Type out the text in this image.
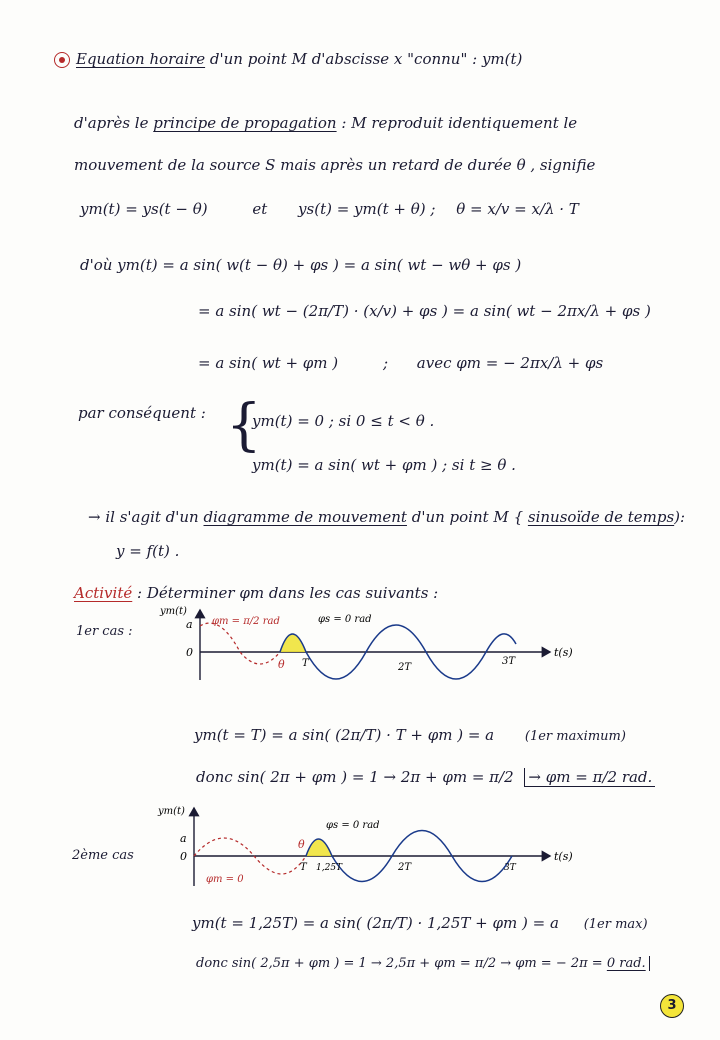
Equation horaire d'un point M d'abscisse x "connu" : ym(t)
d'après le principe de propagation : M reproduit identiquement le
mouvement de la source S mais après un retard de durée θ , signifie
ym(t) = ys(t − θ)	et ys(t) = ym(t + θ) ; θ = x/v = x/λ · T
d'où ym(t) = a sin( w(t − θ) + φs ) = a sin( wt − wθ + φs )
= a sin( wt − (2π/T) · (x/v) + φs ) = a sin( wt − 2πx/λ + φs )
= a sin( wt + φm )	; avec φm = − 2πx/λ + φs
par conséquent : {
ym(t) = 0 ; si 0 ≤ t < θ .
ym(t) = a sin( wt + φm ) ; si t ≥ θ .
→ il s'agit d'un diagramme de mouvement d'un point M { sinusoïde de temps):
y = f(t) .
Activité : Déterminer φm dans les cas suivants :
1er cas :	a
0
ym(t)
θ T	2T
3T
t(s)
φm = π/2 rad	φs = 0 rad
ym(t = T) = a sin( (2π/T) · T + φm ) = a (1er maximum)
donc sin( 2π + φm ) = 1 → 2π + φm = π/2 → φm = π/2 rad.
2ème cas
a
0
ym(t)
θ
T 1,25T	2T	3T
t(s)
φm = 0
φs = 0 rad
ym(t = 1,25T) = a sin( (2π/T) · 1,25T + φm ) = a (1er max)
donc sin( 2,5π + φm ) = 1 → 2,5π + φm = π/2 → φm = − 2π = 0 rad.
3
